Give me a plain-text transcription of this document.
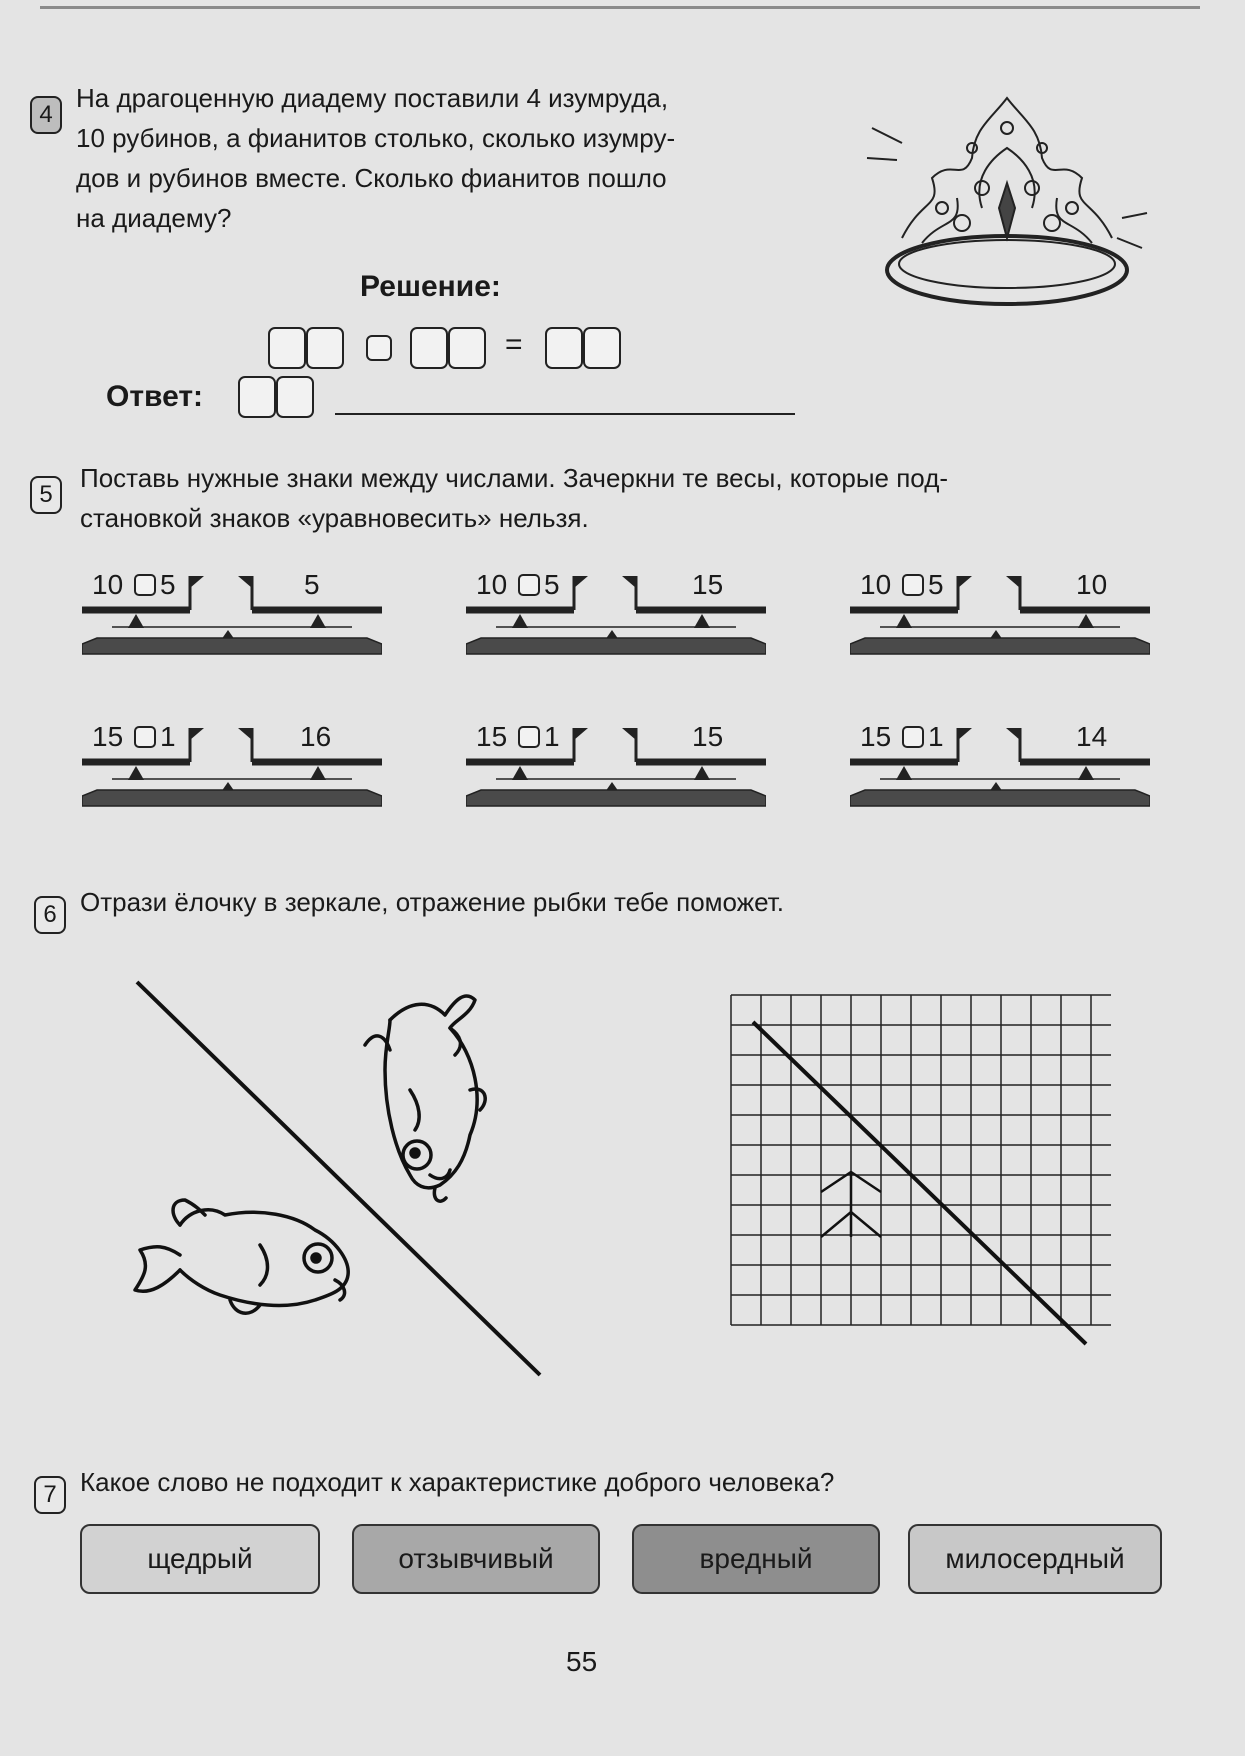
4
На драгоценную диадему поставили 4 изумруда,
10 рубинов, а фианитов столько, сколько изумру-
дов и рубинов вместе. Сколько фианитов пошло
на диадему?
Решение:
=
Ответ:
5
Поставь нужные знаки между числами. Зачеркни те весы, которые под-
становкой знаков «уравновесить» нельзя.
10 5	5	10 5	15	10 5	10
15 1	16	15 1	15	15 1	14
6 Отрази ёлочку в зеркале, отражение рыбки тебе поможет.
7 Какое слово не подходит к характеристике доброго человека?
щедрый	отзывчивый	вредный	милосердный
55
